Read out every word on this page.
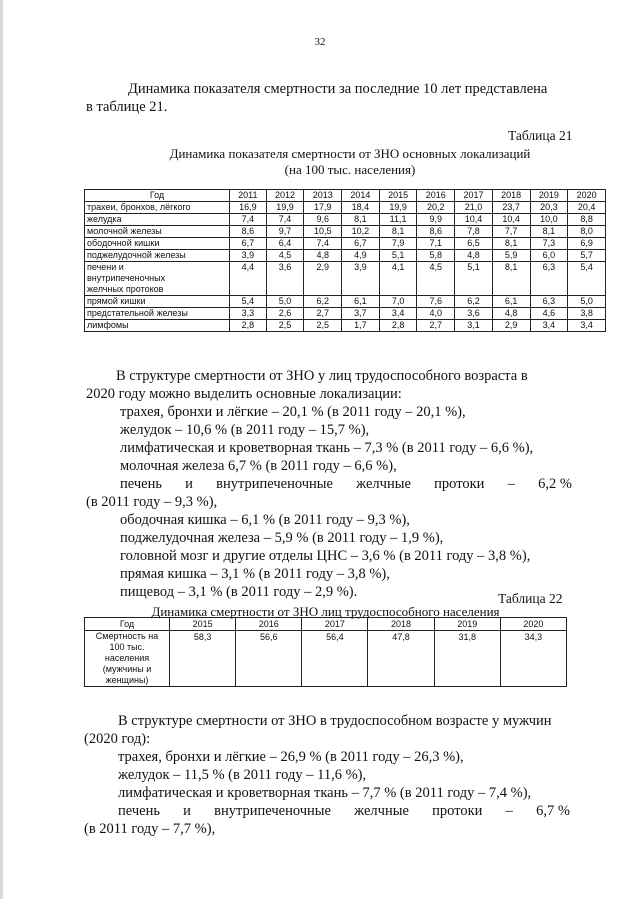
32
Динамика показателя смертности за последние 10 лет представлена
в таблице 21.
Таблица 21
Динамика показателя смертности от ЗНО основных локализаций
(на 100 тыс. населения)
Год	2011	2012	2013	2014	2015	2016	2017	2018	2019	2020
трахеи, бронхов, лёгкого	16,9	19,9	17,9	18,4	19,9	20,2	21,0	23,7	20,3	20,4
желудка	7,4	7,4	9,6	8,1	11,1	9,9	10,4	10,4	10,0	8,8
молочной железы	8,6	9,7	10,5	10,2	8,1	8,6	7,8	7,7	8,1	8,0
ободочной кишки	6,7	6,4	7,4	6,7	7,9	7,1	6,5	8,1	7,3	6,9
поджелудочной железы	3,9	4,5	4,8	4,9	5,1	5,8	4,8	5,9	6,0	5,7

печени и
внутрипеченочных
желчных протоков	4,4	3,6	2,9	3,9	4,1	4,5	5,1	8,1	6,3	5,4
прямой кишки	5,4	5,0	6,2	6,1	7,0	7,6	6,2	6,1	6,3	5,0
предстательной железы	3,3	2,6	2,7	3,7	3,4	4,0	3,6	4,8	4,6	3,8
лимфомы	2,8	2,5	2,5	1,7	2,8	2,7	3,1	2,9	3,4	3,4
В структуре смертности от ЗНО у лиц трудоспособного возраста в
2020 году можно выделить основные локализации:
трахея, бронхи и лёгкие – 20,1 % (в 2011 году – 20,1 %),
желудок – 10,6 % (в 2011 году – 15,7 %),
лимфатическая и кроветворная ткань – 7,3 % (в 2011 году – 6,6 %),
молочная железа 6,7 % (в 2011 году – 6,6 %),
печень и внутрипеченочные желчные протоки – 6,2 %
(в 2011 году – 9,3 %),
ободочная кишка – 6,1 % (в 2011 году – 9,3 %),
поджелудочная железа – 5,9 % (в 2011 году – 1,9 %),
головной мозг и другие отделы ЦНС – 3,6 % (в 2011 году – 3,8 %),
прямая кишка – 3,1 % (в 2011 году – 3,8 %),
пищевод – 3,1 % (в 2011 году – 2,9 %).	Таблица 22
Динамика смертности от ЗНО лиц трудоспособного населения
Год	2015	2016	2017	2018	2019	2020

Смертность на
100 тыс.
населения
(мужчины и
женщины)	58,3	56,6	56,4	47,8	31,8	34,3
В структуре смертности от ЗНО в трудоспособном возрасте у мужчин
(2020 год):
трахея, бронхи и лёгкие – 26,9 % (в 2011 году – 26,3 %),
желудок – 11,5 % (в 2011 году – 11,6 %),
лимфатическая и кроветворная ткань – 7,7 % (в 2011 году – 7,4 %),
печень и внутрипеченочные желчные протоки – 6,7 %
(в 2011 году – 7,7 %),
